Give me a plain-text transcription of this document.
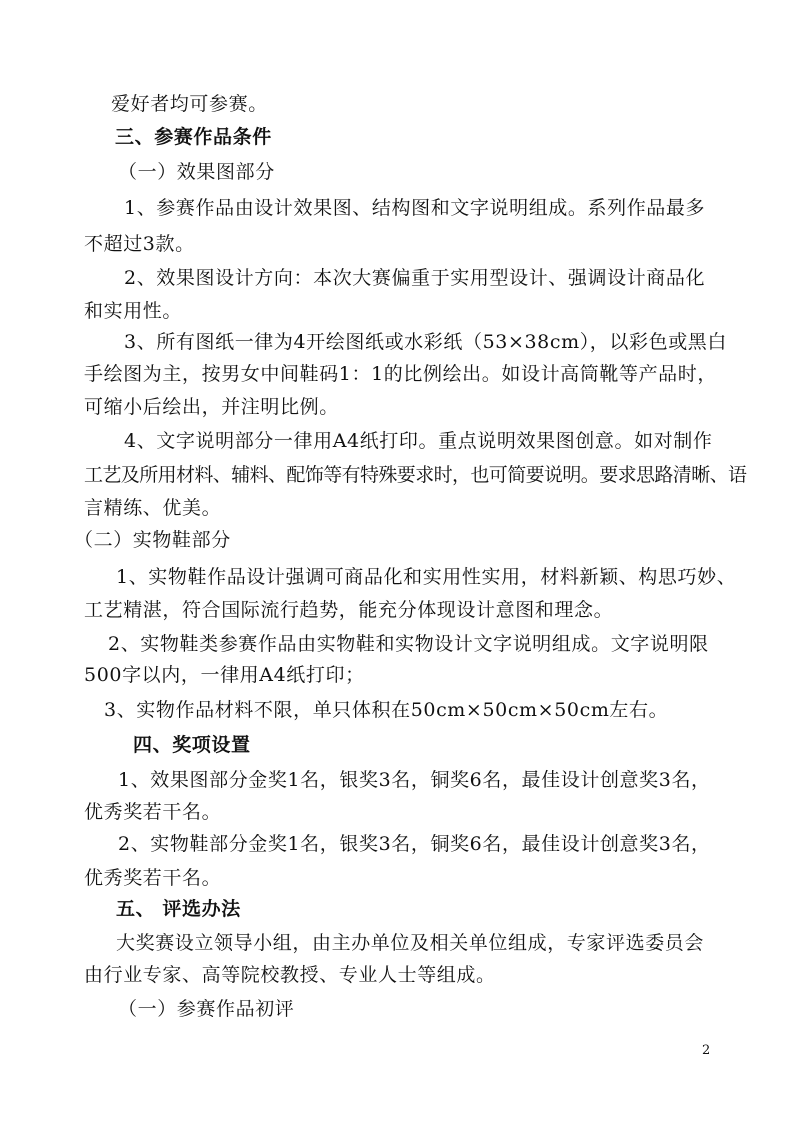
爱好者均可参赛。
三、参赛作品条件
（一）效果图部分
1、参赛作品由设计效果图、结构图和文字说明组成。系列作品最多
不超过3款。
2、效果图设计方向：本次大赛偏重于实用型设计、强调设计商品化
和实用性。
3、所有图纸一律为4开绘图纸或水彩纸（53×38cm），以彩色或黑白
手绘图为主，按男女中间鞋码1：1的比例绘出。如设计高筒靴等产品时，
可缩小后绘出，并注明比例。
4、文字说明部分一律用A4纸打印。重点说明效果图创意。如对制作
工艺及所用材料、辅料、配饰等有特殊要求时，也可简要说明。要求思路清晰、语
言精练、优美。
（二）实物鞋部分
1、实物鞋作品设计强调可商品化和实用性实用，材料新颖、构思巧妙、
工艺精湛，符合国际流行趋势，能充分体现设计意图和理念。
2、实物鞋类参赛作品由实物鞋和实物设计文字说明组成。文字说明限
500字以内，一律用A4纸打印；
3、实物作品材料不限，单只体积在50cm×50cm×50cm左右。
四、奖项设置
1、效果图部分金奖1名，银奖3名，铜奖6名，最佳设计创意奖3名，
优秀奖若干名。
2、实物鞋部分金奖1名，银奖3名，铜奖6名，最佳设计创意奖3名，
优秀奖若干名。
五、 评选办法
大奖赛设立领导小组，由主办单位及相关单位组成，专家评选委员会
由行业专家、高等院校教授、专业人士等组成。
（一）参赛作品初评
2
